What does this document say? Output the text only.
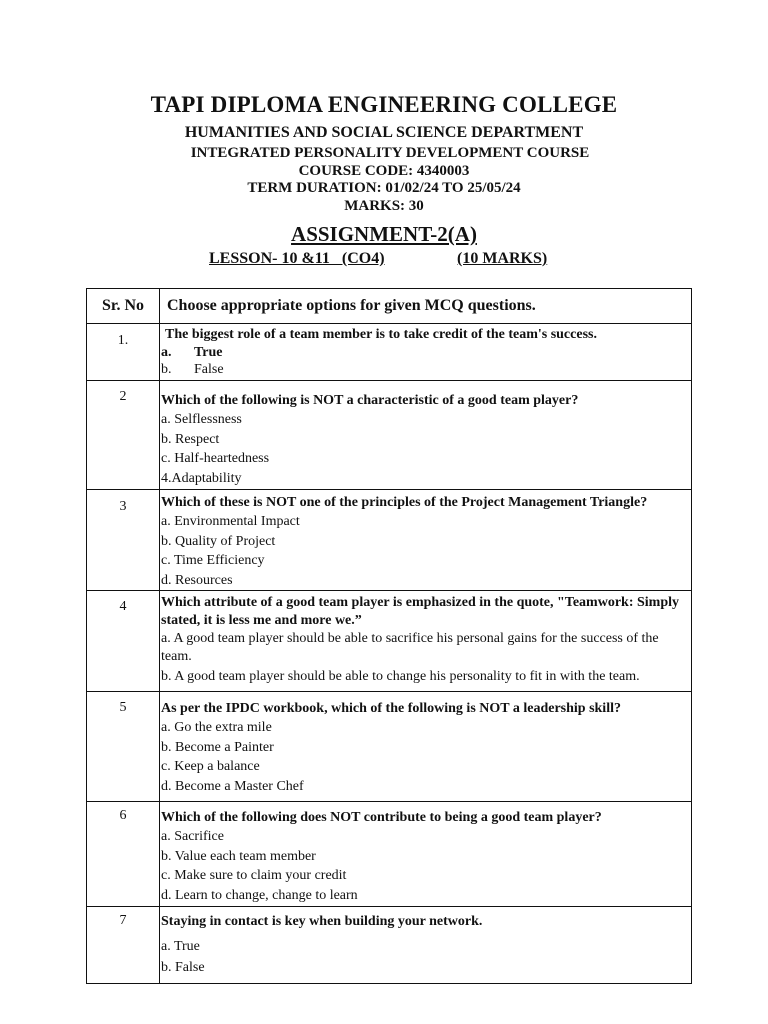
TAPI DIPLOMA ENGINEERING COLLEGE
HUMANITIES AND SOCIAL SCIENCE DEPARTMENT
INTEGRATED PERSONALITY DEVELOPMENT COURSE
COURSE CODE: 4340003
TERM DURATION: 01/02/24 TO 25/05/24
MARKS: 30
ASSIGNMENT-2(A)
LESSON- 10 &11   (CO4)	(10 MARKS)
Sr. No	Choose appropriate options for given MCQ questions.
1.	The biggest role of a team member is to take credit of the team's success.
a. True
b. False
2	Which of the following is NOT a characteristic of a good team player?
a. Selflessness
b. Respect
c. Half-heartedness
4.Adaptability
3	Which of these is NOT one of the principles of the Project Management Triangle?
a. Environmental Impact
b. Quality of Project
c. Time Efficiency
d. Resources
4	Which attribute of a good team player is emphasized in the quote, "Teamwork: Simply stated, it is less me and more we.”
a. A good team player should be able to sacrifice his personal gains for the success of the team.
b. A good team player should be able to change his personality to fit in with the team.
5	As per the IPDC workbook, which of the following is NOT a leadership skill?
a. Go the extra mile
b. Become a Painter
c. Keep a balance
d. Become a Master Chef
6	Which of the following does NOT contribute to being a good team player?
a. Sacrifice
b. Value each team member
c. Make sure to claim your credit
d. Learn to change, change to learn
7	Staying in contact is key when building your network.
a. True
b. False
